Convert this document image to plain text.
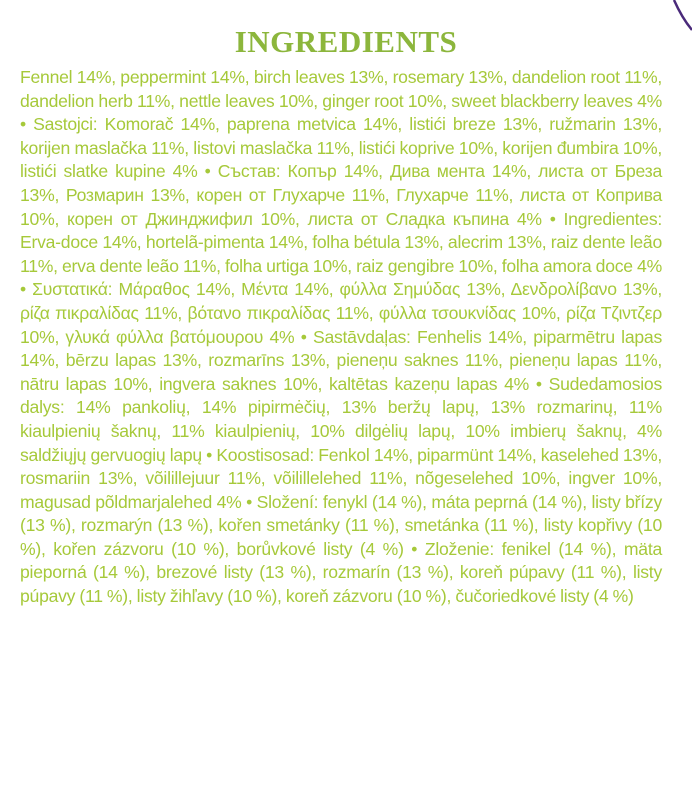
INGREDIENTS

Fennel 14%, peppermint 14%, birch leaves 13%, rosemary 13%, dandelion root 11%, dandelion herb 11%, nettle leaves 10%, ginger root 10%, sweet blackberry leaves 4% • Sastojci: Komorač 14%, paprena metvica 14%, listići breze 13%, ružmarin 13%, korijen maslačka 11%, listovi maslačka 11%, listići koprive 10%, korijen đumbira 10%, listići slatke kupine 4% • Състав: Копър 14%, Дива мента 14%, листа от Бреза 13%, Розмарин 13%, корен от Глухарче 11%, Глухарче 11%, листа от Коприва 10%, корен от Джинджифил 10%, листа от Сладка къпина 4% • Ingredientes: Erva-doce 14%, hortelã-pimenta 14%, folha bétula 13%, alecrim 13%, raiz dente leão 11%, erva dente leão 11%, folha urtiga 10%, raiz gengibre 10%, folha amora doce 4% • Συστατικά: Μάραθος 14%, Μέντα 14%, φύλλα Σημύδας 13%, Δενδρολίβανο 13%, ρίζα πικραλίδας 11%, βότανο πικραλίδας 11%, φύλλα τσουκνίδας 10%, ρίζα Τζιντζερ 10%, γλυκά φύλλα βατόμουρου 4% • Sastāvdaļas: Fenhelis 14%, piparmētru lapas 14%, bērzu lapas 13%, rozmarīns 13%, pieneņu saknes 11%, pieneņu lapas 11%, nātru lapas 10%, ingvera saknes 10%, kaltētas kazeņu lapas 4% • Sudedamosios dalys: 14% pankolių, 14% pipirmėčių, 13% beržų lapų, 13% rozmarinų, 11% kiaulpienių šaknų, 11% kiaulpienių, 10% dilgėlių lapų, 10% imbierų šaknų, 4% saldžiųjų gervuogių lapų • Koostisosad: Fenkol 14%, piparmünt 14%, kaselehed 13%, rosmariin 13%, võilillejuur 11%, võilillelehed 11%, nõgeselehed 10%, ingver 10%, magusad põldmarjalehed 4% • Složení: fenykl (14 %), máta peprná (14 %), listy břízy (13 %), rozmarýn (13 %), kořen smetánky (11 %), smetánka (11 %), listy kopřivy (10 %), kořen zázvoru (10 %), borůvkové listy (4 %) • Zloženie: fenikel (14 %), mäta pieporná (14 %), brezové listy (13 %), rozmarín (13 %), koreň púpavy (11 %), listy púpavy (11 %), listy žihľavy (10 %), koreň zázvoru (10 %), čučoriedkové listy (4 %)
